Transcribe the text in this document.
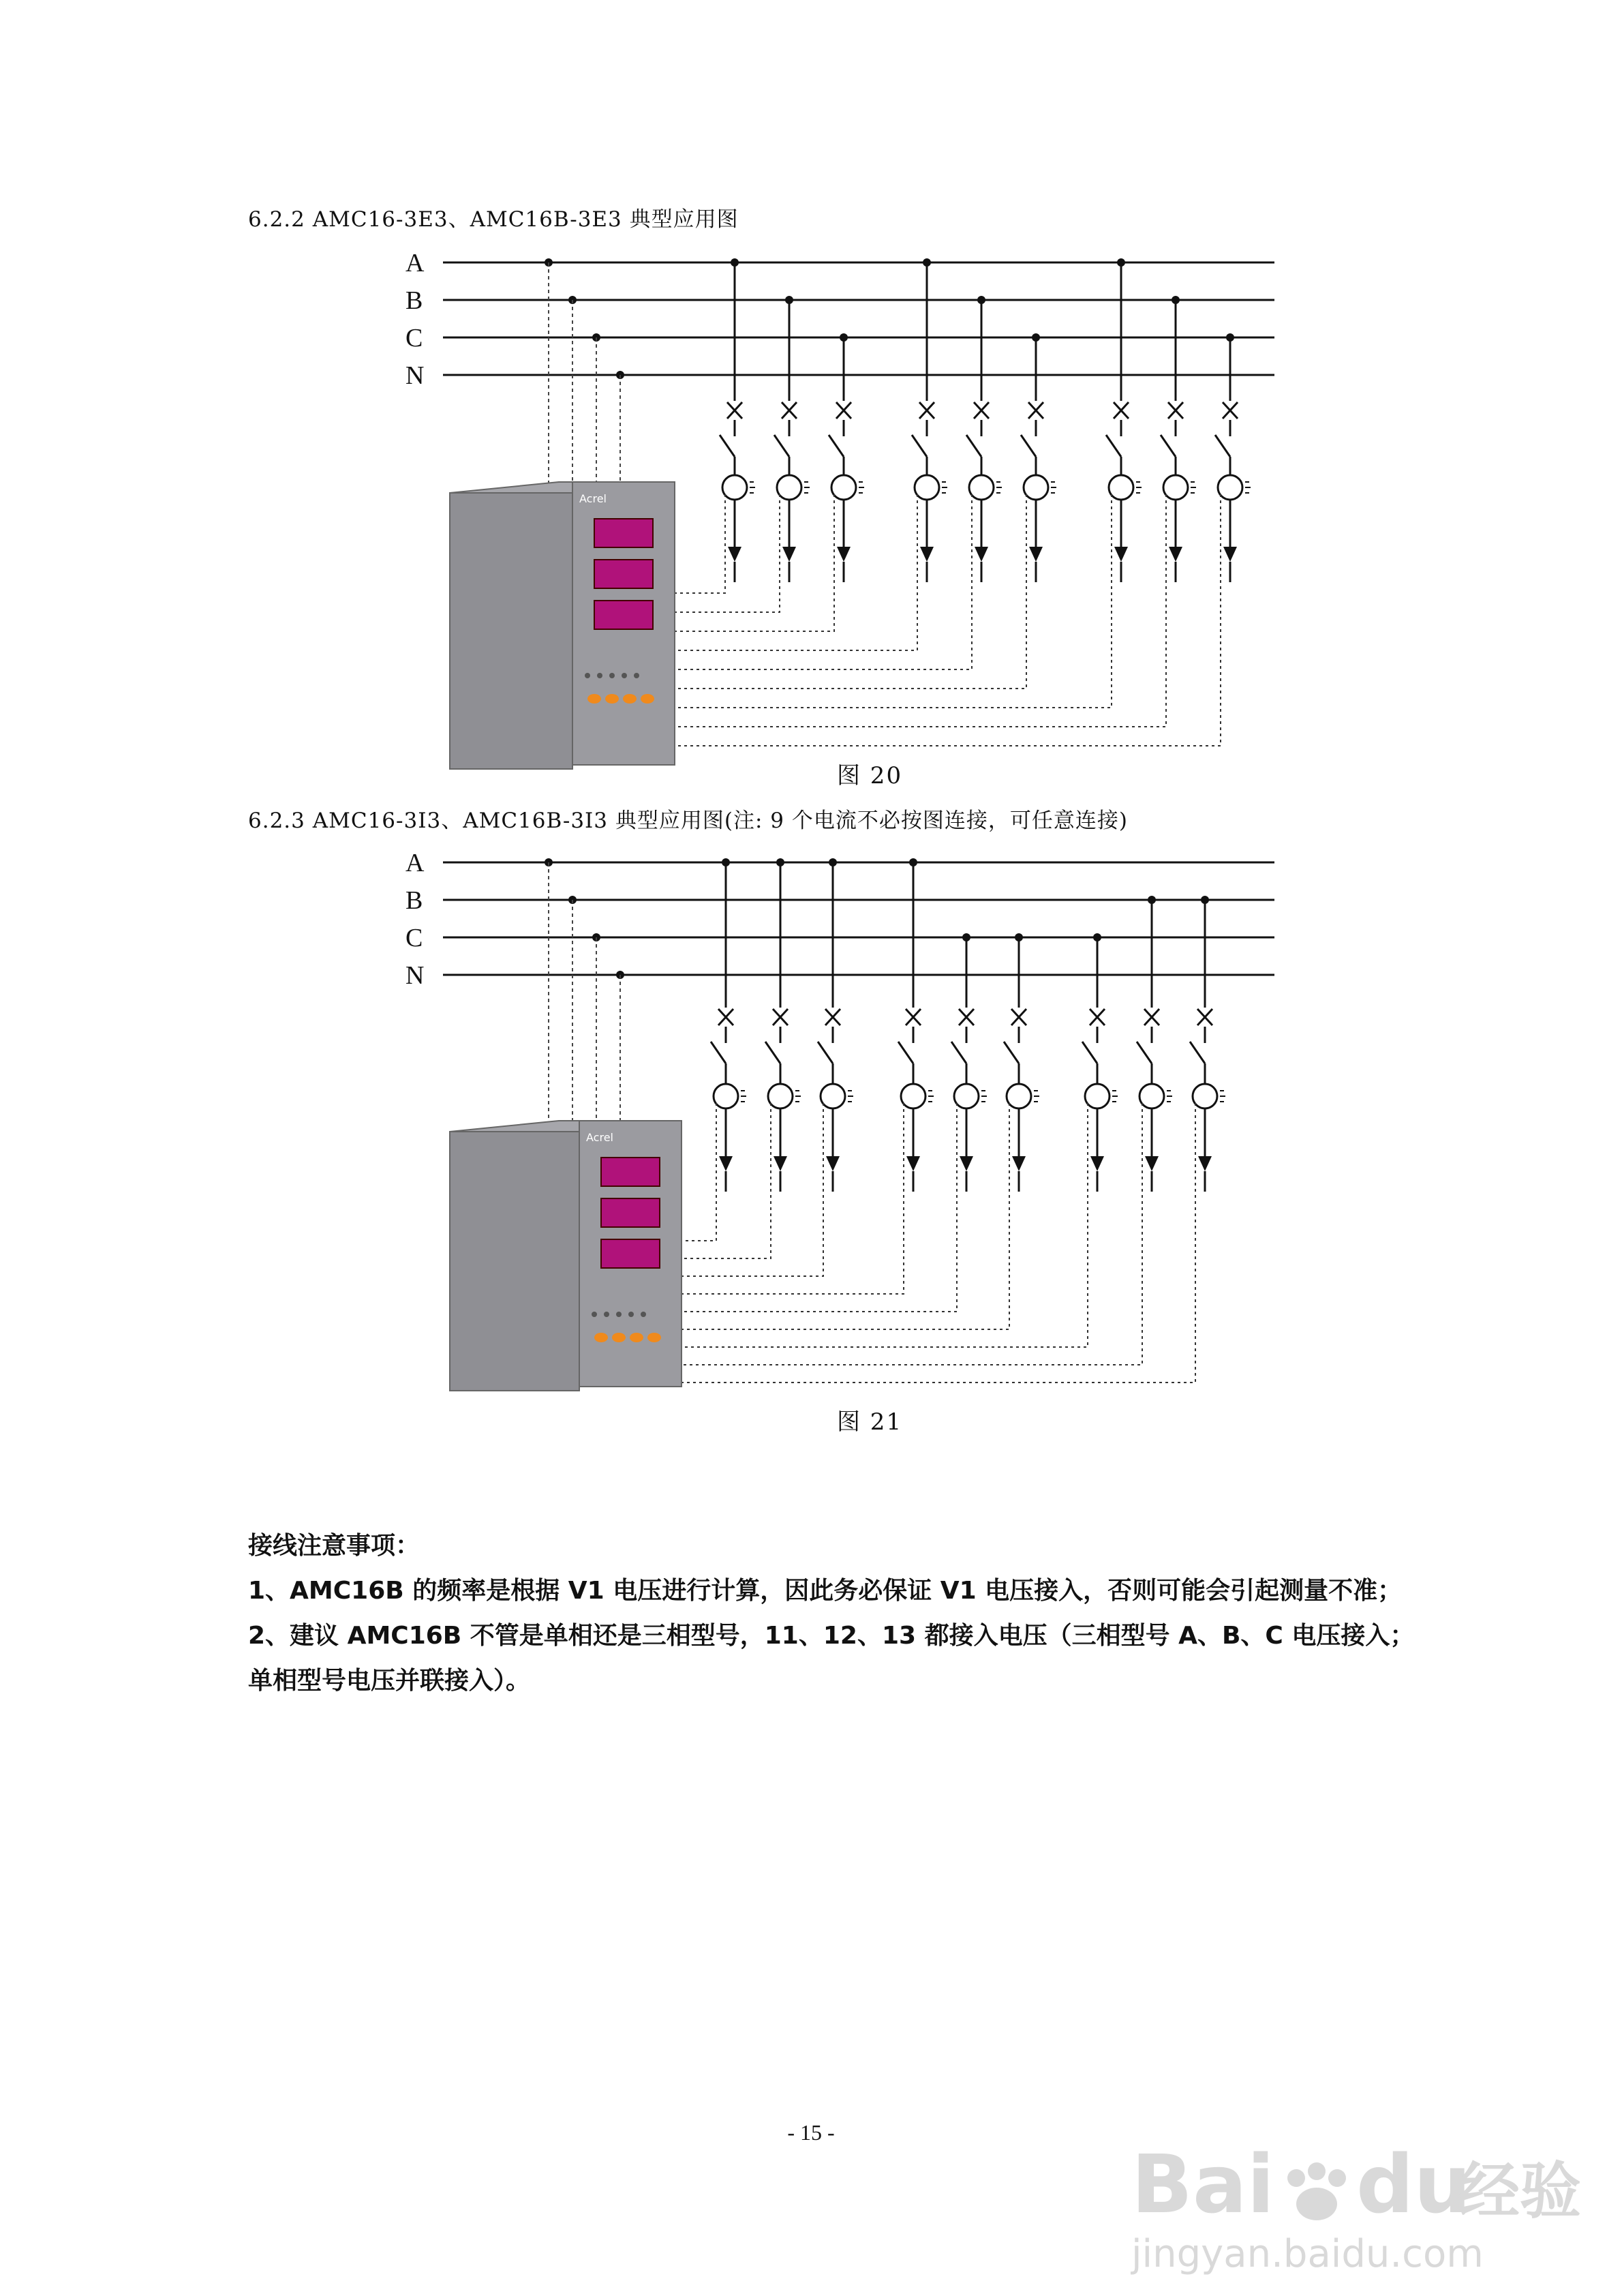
6.2.2 AMC16-3E3、AMC16B-3E3 典型应用图
A
B
C
N
Acrel
图 20
6.2.3 AMC16-3I3、AMC16B-3I3 典型应用图(注: 9 个电流不必按图连接，可任意连接)
A
B
C
N
Acrel
图 21

接线注意事项：

1、AMC16B 的频率是根据 V1 电压进行计算，因此务必保证 V1 电压接入，否则可能会引起测量不准；

2、建议 AMC16B 不管是单相还是三相型号，11、12、13 都接入电压（三相型号 A、B、C 电压接入；单相型号电压并联接入）。

- 15 -
Bai du
经验
jingyan.baidu.com
